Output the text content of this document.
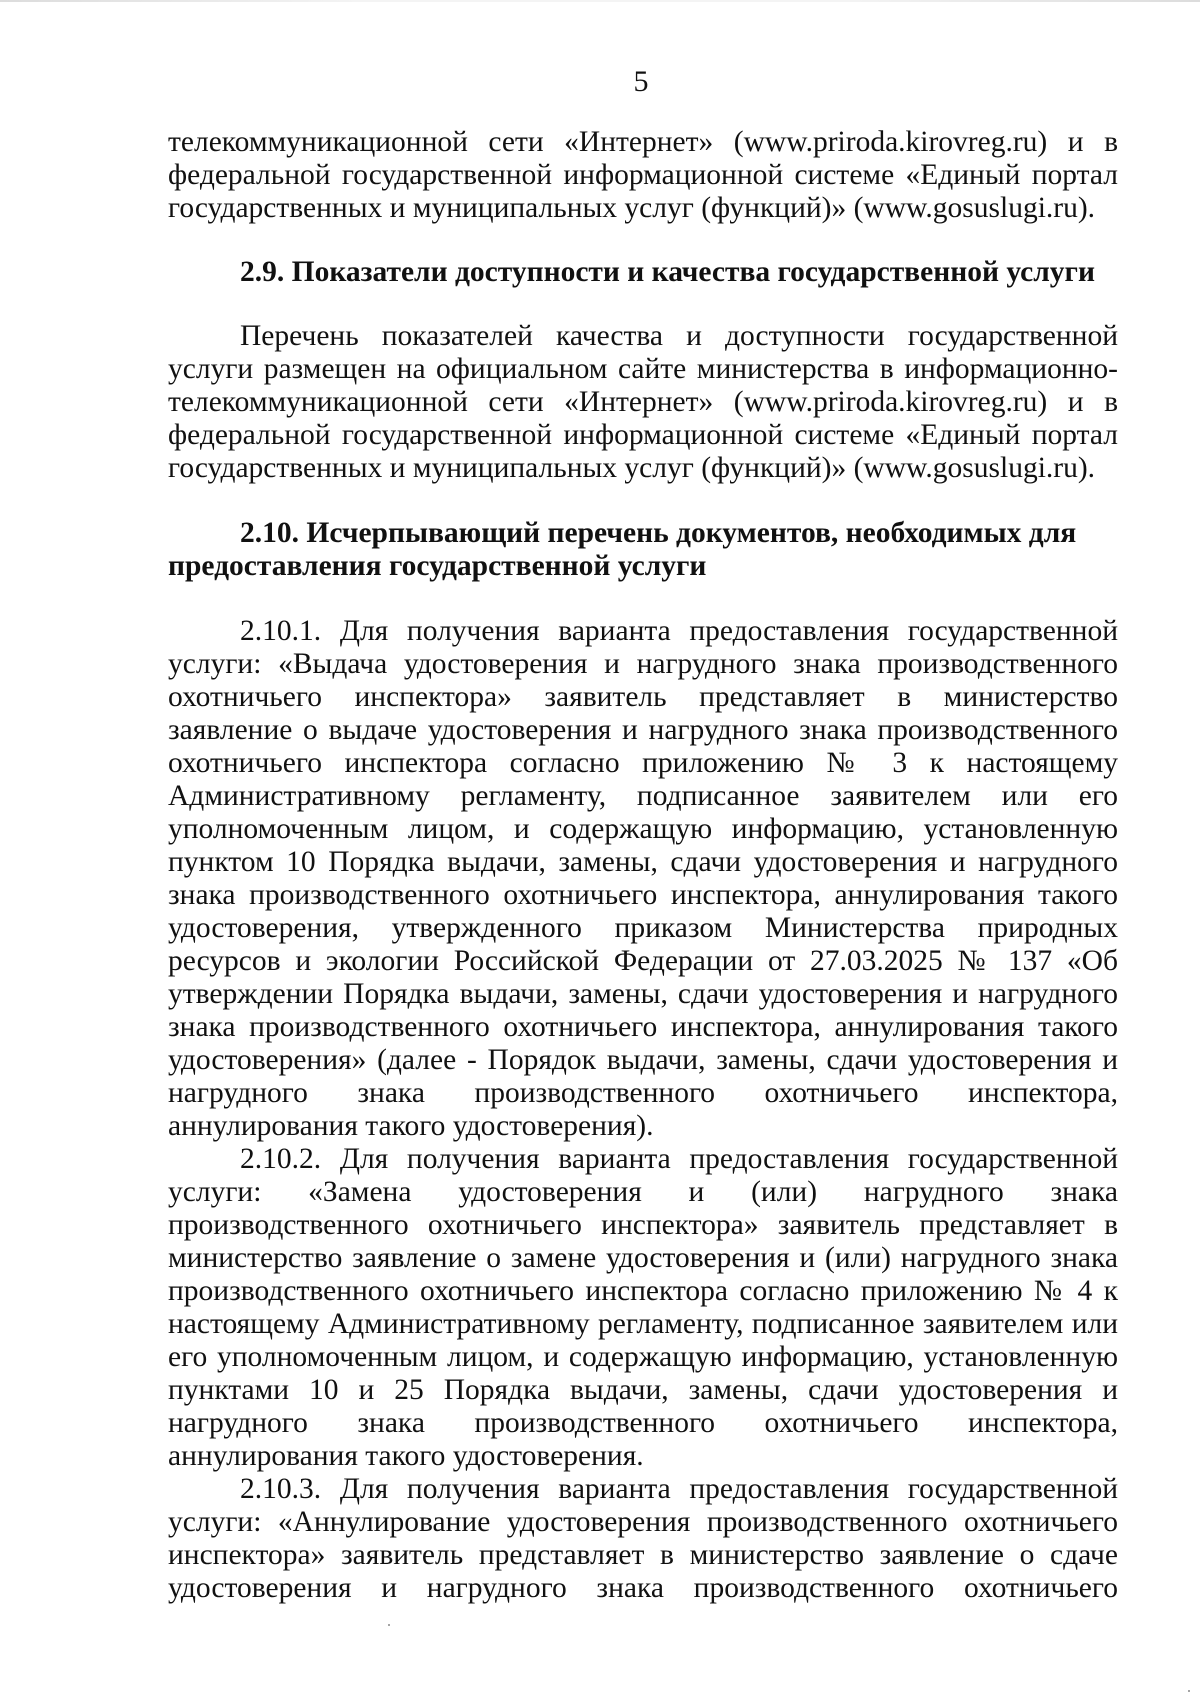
5

телекоммуникационной сети «Интернет» (www.priroda.kirovreg.ru) и в федеральной государственной информационной системе «Единый портал государственных и муниципальных услуг (функций)» (www.gosuslugi.ru).

2.9. Показатели доступности и качества государственной услуги

Перечень показателей качества и доступности государственной услуги размещен на официальном сайте министерства в информационно-телекоммуникационной сети «Интернет» (www.priroda.kirovreg.ru) и в федеральной государственной информационной системе «Единый портал государственных и муниципальных услуг (функций)» (www.gosuslugi.ru).

2.10. Исчерпывающий перечень документов, необходимых для предоставления государственной услуги

2.10.1. Для получения варианта предоставления государственной услуги: «Выдача удостоверения и нагрудного знака производственного охотничьего инспектора» заявитель представляет в министерство заявление о выдаче удостоверения и нагрудного знака производственного охотничьего инспектора согласно приложению № 3 к настоящему Административному регламенту, подписанное заявителем или его уполномоченным лицом, и содержащую информацию, установленную пунктом 10 Порядка выдачи, замены, сдачи удостоверения и нагрудного знака производственного охотничьего инспектора, аннулирования такого удостоверения, утвержденного приказом Министерства природных ресурсов и экологии Российской Федерации от 27.03.2025 № 137 «Об утверждении Порядка выдачи, замены, сдачи удостоверения и нагрудного знака производственного охотничьего инспектора, аннулирования такого удостоверения» (далее - Порядок выдачи, замены, сдачи удостоверения и нагрудного знака производственного охотничьего инспектора, аннулирования такого удостоверения).

2.10.2. Для получения варианта предоставления государственной услуги: «Замена удостоверения и (или) нагрудного знака производственного охотничьего инспектора» заявитель представляет в министерство заявление о замене удостоверения и (или) нагрудного знака производственного охотничьего инспектора согласно приложению № 4 к настоящему Административному регламенту, подписанное заявителем или его уполномоченным лицом, и содержащую информацию, установленную пунктами 10 и 25 Порядка выдачи, замены, сдачи удостоверения и нагрудного знака производственного охотничьего инспектора, аннулирования такого удостоверения.

2.10.3. Для получения варианта предоставления государственной услуги: «Аннулирование удостоверения производственного охотничьего инспектора» заявитель представляет в министерство заявление о сдаче удостоверения и нагрудного знака производственного охотничьего
